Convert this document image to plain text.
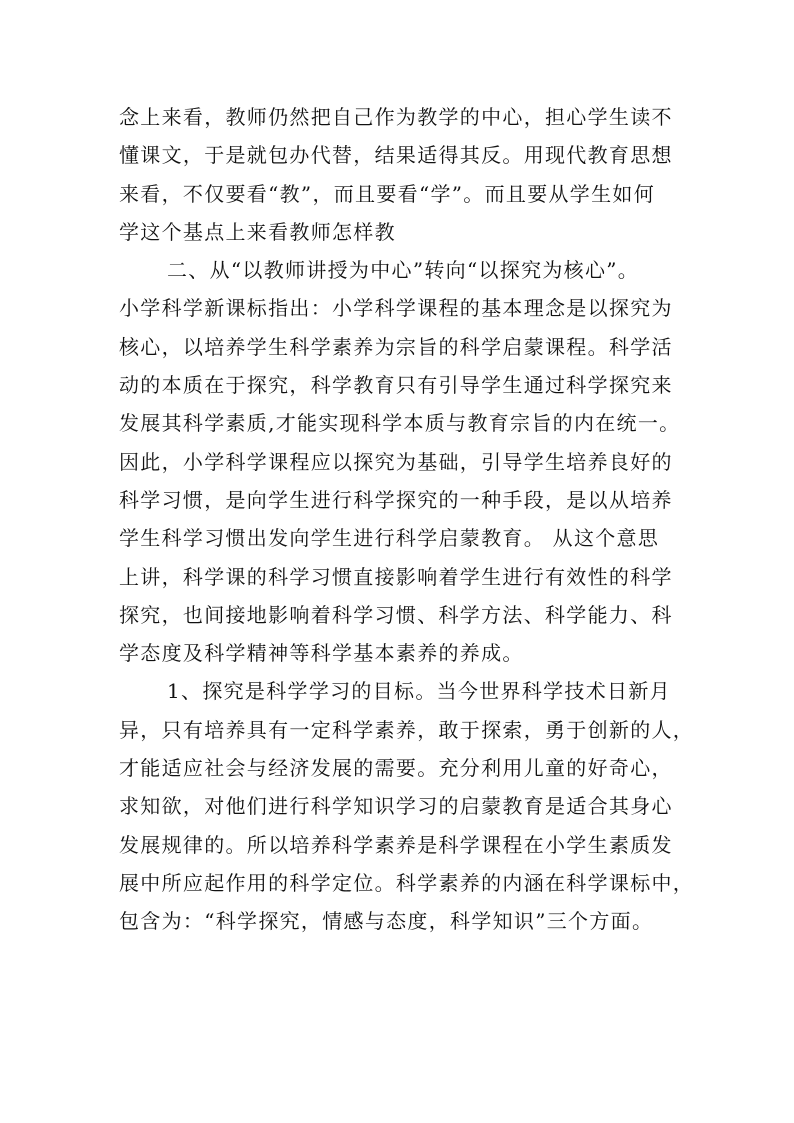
念上来看，教师仍然把自己作为教学的中心，担心学生读不
懂课文，于是就包办代替，结果适得其反。用现代教育思想
来看，不仅要看“教”，而且要看“学”。而且要从学生如何
学这个基点上来看教师怎样教
二、从“以教师讲授为中心”转向“以探究为核心”。
小学科学新课标指出：小学科学课程的基本理念是以探究为
核心，以培养学生科学素养为宗旨的科学启蒙课程。科学活
动的本质在于探究，科学教育只有引导学生通过科学探究来
发展其科学素质,才能实现科学本质与教育宗旨的内在统一。
因此，小学科学课程应以探究为基础，引导学生培养良好的
科学习惯，是向学生进行科学探究的一种手段，是以从培养
学生科学习惯出发向学生进行科学启蒙教育。 从这个意思
上讲，科学课的科学习惯直接影响着学生进行有效性的科学
探究，也间接地影响着科学习惯、科学方法、科学能力、科
学态度及科学精神等科学基本素养的养成。
1、探究是科学学习的目标。当今世界科学技术日新月
异，只有培养具有一定科学素养，敢于探索，勇于创新的人，
才能适应社会与经济发展的需要。充分利用儿童的好奇心，
求知欲，对他们进行科学知识学习的启蒙教育是适合其身心
发展规律的。所以培养科学素养是科学课程在小学生素质发
展中所应起作用的科学定位。科学素养的内涵在科学课标中，
包含为：“科学探究，情感与态度，科学知识”三个方面。
